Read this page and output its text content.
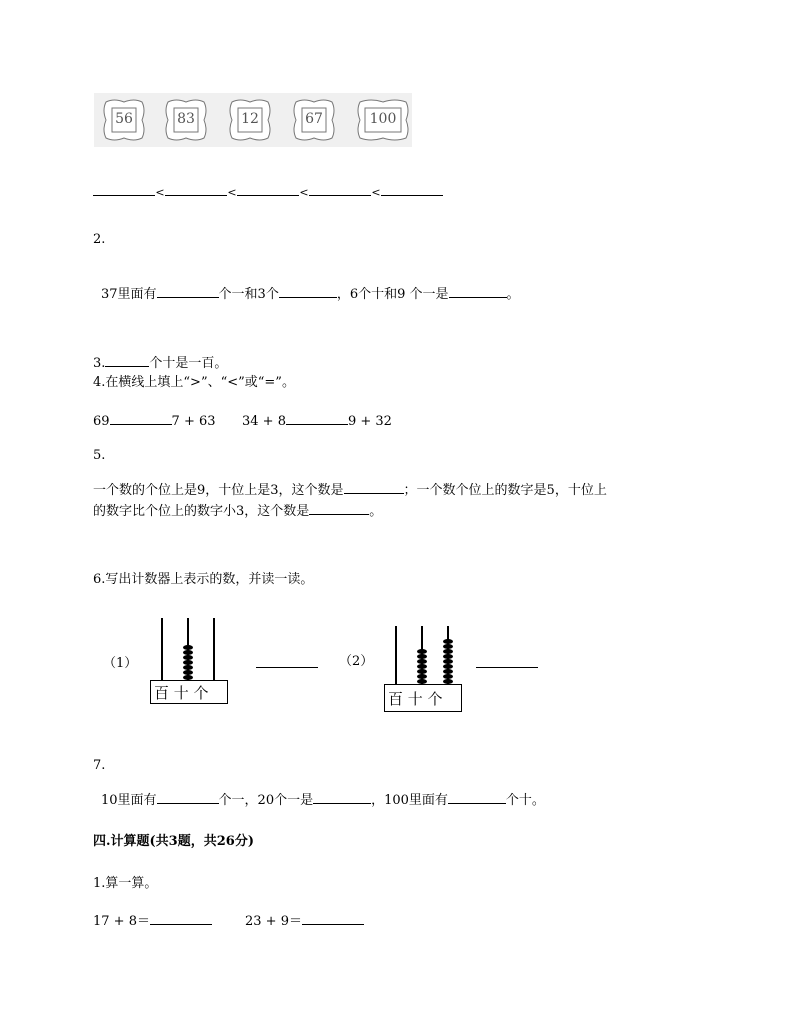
56	83	12	67	100
<	<	<	<
2.
37里面有	个一和3个	，6个十和9 个一是	。
3.	个十是一百。
4.在横线上填上“>”、“<”或“=”。
69	7 + 63 34 + 8	9 + 32
5.
一个数的个位上是9，十位上是3，这个数是	；一个数个位上的数字是5，十位上
的数字比个位上的数字小3，这个数是	。
6.写出计数器上表示的数，并读一读。
（1）
百 十 个
（2）
百 十 个
7.
10里面有	个一，20个一是	，100里面有	个十。
四.计算题(共3题，共26分)
1.算一算。
17 + 8＝	23 + 9＝
